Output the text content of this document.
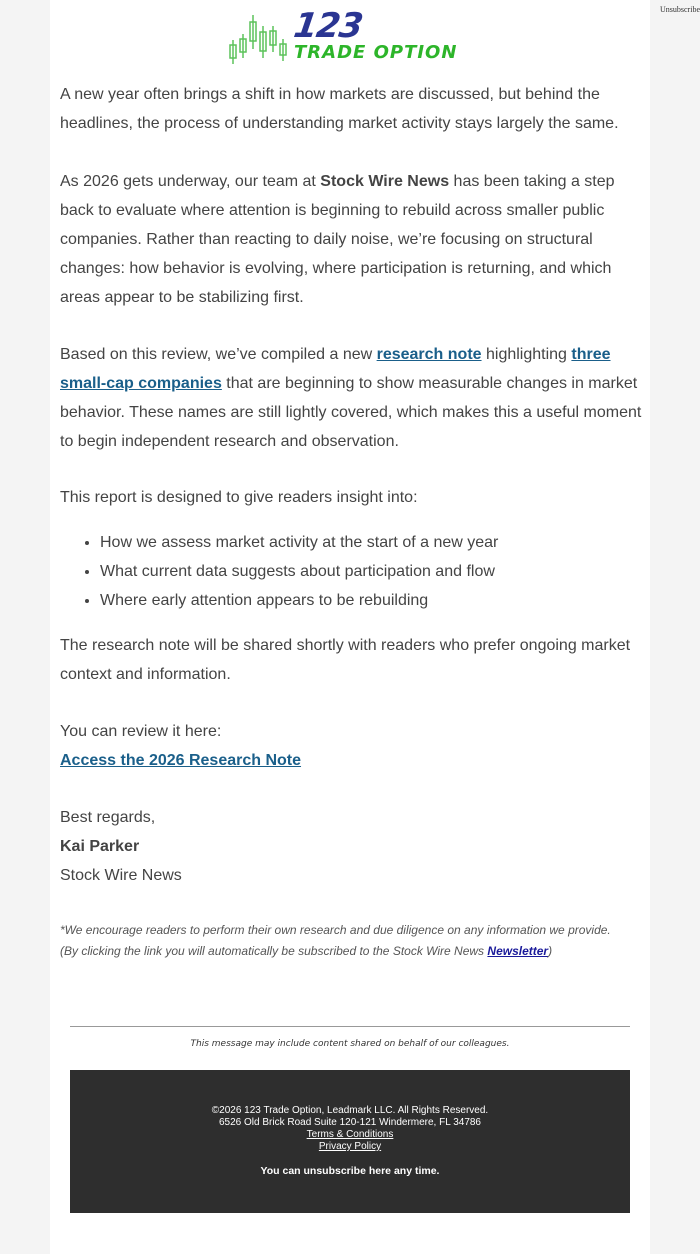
Unsubscribe
123
TRADE OPTION
A new year often brings a shift in how markets are discussed, but behind the headlines, the process of understanding market activity stays largely the same.
As 2026 gets underway, our team at Stock Wire News has been taking a step back to evaluate where attention is beginning to rebuild across smaller public companies. Rather than reacting to daily noise, we’re focusing on structural changes: how behavior is evolving, where participation is returning, and which areas appear to be stabilizing first.
Based on this review, we’ve compiled a new research note highlighting three small-cap companies that are beginning to show measurable changes in market behavior. These names are still lightly covered, which makes this a useful moment to begin independent research and observation.
This report is designed to give readers insight into:
• How we assess market activity at the start of a new year
• What current data suggests about participation and flow
• Where early attention appears to be rebuilding
The research note will be shared shortly with readers who prefer ongoing market context and information.
You can review it here:
Access the 2026 Research Note
Best regards,
Kai Parker
Stock Wire News
*We encourage readers to perform their own research and due diligence on any information we provide.
(By clicking the link you will automatically be subscribed to the Stock Wire News Newsletter)
This message may include content shared on behalf of our colleagues.
©2026 123 Trade Option, Leadmark LLC. All Rights Reserved.
6526 Old Brick Road Suite 120-121 Windermere, FL 34786
Terms & Conditions
Privacy Policy
You can unsubscribe here any time.
